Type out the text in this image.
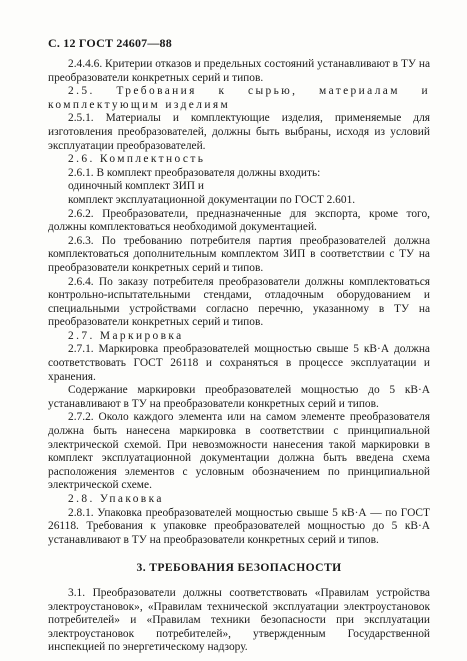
С. 12 ГОСТ 24607—88

2.4.4.6. Критерии отказов и предельных состояний устанавливают в ТУ на преобразователи конкретных серий и типов.

2.5. Требования к сырью, материалам и комплектующим изделиям

2.5.1. Материалы и комплектующие изделия, применяемые для изготовления преобразователей, должны быть выбраны, исходя из условий эксплуатации преобразователей.

2.6. Комплектность

2.6.1. В комплект преобразователя должны входить:

одиночный комплект ЗИП и

комплект эксплуатационной документации по ГОСТ 2.601.

2.6.2. Преобразователи, предназначенные для экспорта, кроме того, должны комплектоваться необходимой документацией.

2.6.3. По требованию потребителя партия преобразователей должна комплектоваться дополнительным комплектом ЗИП в соответствии с ТУ на преобразователи конкретных серий и типов.

2.6.4. По заказу потребителя преобразователи должны комплектоваться контрольно-испытательными стендами, отладочным оборудованием и специальными устройствами согласно перечню, указанному в ТУ на преобразователи конкретных серий и типов.

2.7. Маркировка

2.7.1. Маркировка преобразователей мощностью свыше 5 кВ·А должна соответствовать ГОСТ 26118 и сохраняться в процессе эксплуатации и хранения.

Содержание маркировки преобразователей мощностью до 5 кВ·А устанавливают в ТУ на преобразователи конкретных серий и типов.

2.7.2. Около каждого элемента или на самом элементе преобразователя должна быть нанесена маркировка в соответствии с принципиальной электрической схемой. При невозможности нанесения такой маркировки в комплект эксплуатационной документации должна быть введена схема расположения элементов с условным обозначением по принципиальной электрической схеме.

2.8. Упаковка

2.8.1. Упаковка преобразователей мощностью свыше 5 кВ·А — по ГОСТ 26118. Требования к упаковке преобразователей мощностью до 5 кВ·А устанавливают в ТУ на преобразователи конкретных серий и типов.

3. ТРЕБОВАНИЯ БЕЗОПАСНОСТИ

3.1. Преобразователи должны соответствовать «Правилам устройства электроустановок», «Правилам технической эксплуатации электроустановок потребителей» и «Правилам техники безопасности при эксплуатации электроустановок потребителей», утвержденным Государственной инспекцией по энергетическому надзору.
